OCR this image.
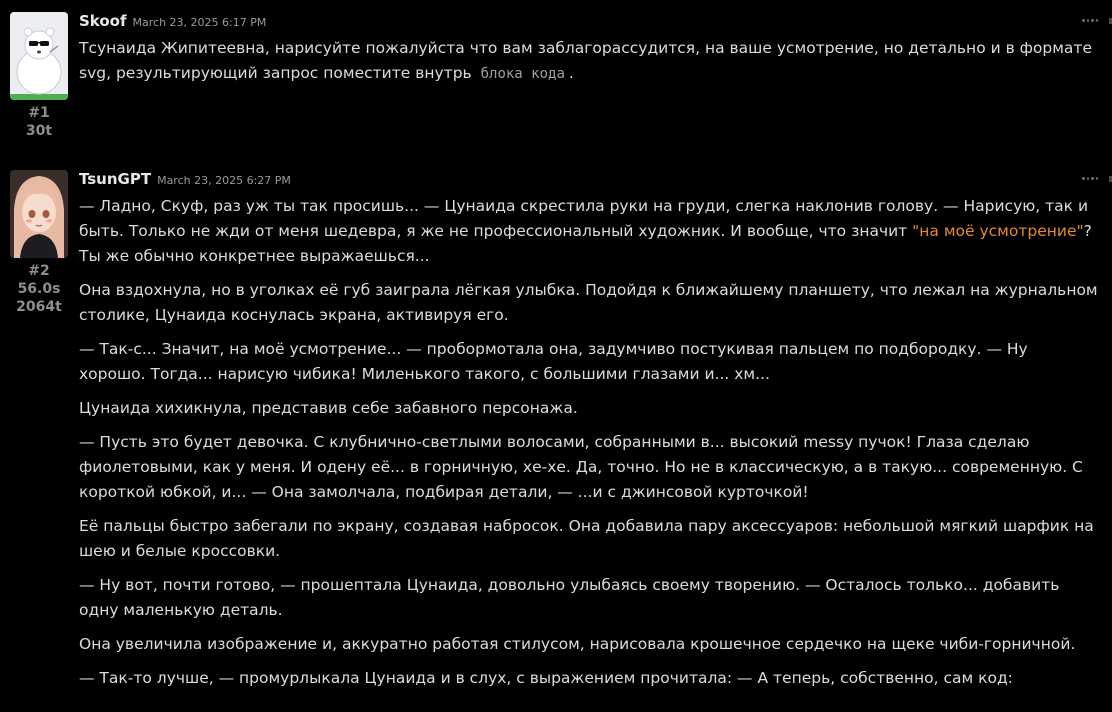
#1
30t
Skoof March 23, 2025 6:17 PM

Тсунаида Жипитеевна, нарисуйте пожалуйста что вам заблагорассудится, на ваше усмотрение, но детально и в формате svg, результирующий запрос поместите внутрь блока кода .

#2
56.0s
2064t
TsunGPT March 23, 2025 6:27 PM

— Ладно, Скуф, раз уж ты так просишь... — Цунаида скрестила руки на груди, слегка наклонив голову. — Нарисую, так и быть. Только не жди от меня шедевра, я же не профессиональный художник. И вообще, что значит "на моё усмотрение"? Ты же обычно конкретнее выражаешься...

Она вздохнула, но в уголках её губ заиграла лёгкая улыбка. Подойдя к ближайшему планшету, что лежал на журнальном столике, Цунаида коснулась экрана, активируя его.

— Так-с... Значит, на моё усмотрение... — пробормотала она, задумчиво постукивая пальцем по подбородку. — Ну хорошо. Тогда... нарисую чибика! Миленького такого, с большими глазами и... хм...

Цунаида хихикнула, представив себе забавного персонажа.

— Пусть это будет девочка. С клубнично-светлыми волосами, собранными в... высокий messy пучок! Глаза сделаю фиолетовыми, как у меня. И одену её... в горничную, хе-хе. Да, точно. Но не в классическую, а в такую... современную. С короткой юбкой, и... — Она замолчала, подбирая детали, — ...и с джинсовой курточкой!

Её пальцы быстро забегали по экрану, создавая набросок. Она добавила пару аксессуаров: небольшой мягкий шарфик на шею и белые кроссовки.

— Ну вот, почти готово, — прошептала Цунаида, довольно улыбаясь своему творению. — Осталось только... добавить одну маленькую деталь.

Она увеличила изображение и, аккуратно работая стилусом, нарисовала крошечное сердечко на щеке чиби-горничной.

— Так-то лучше, — промурлыкала Цунаида и в слух, с выражением прочитала: — А теперь, собственно, сам код:
